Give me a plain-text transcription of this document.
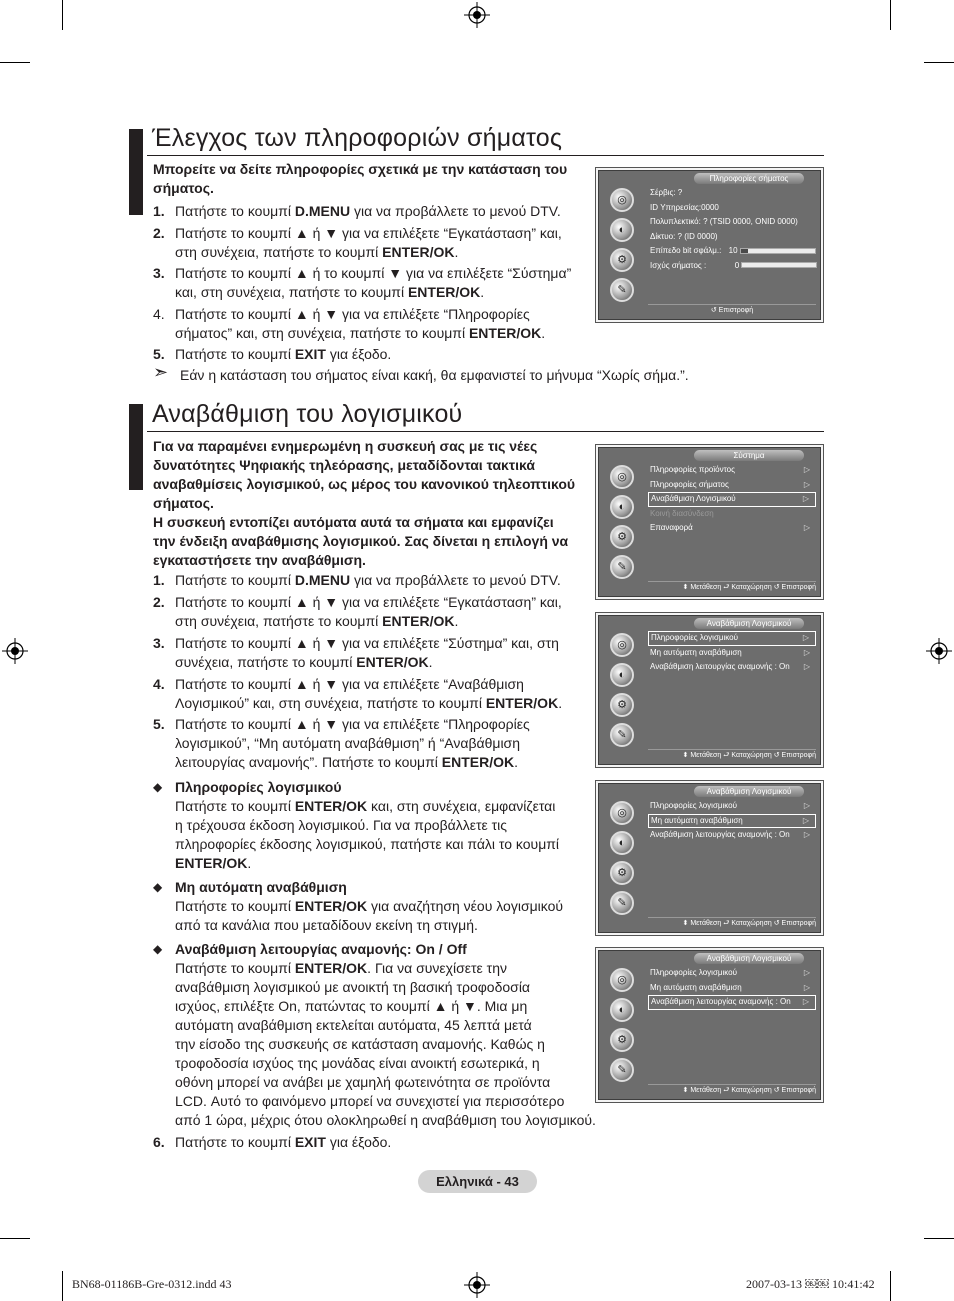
Έλεγχος των πληροφοριών σήματος
Μπορείτε να δείτε πληροφορίες σχετικά με την κατάσταση του
σήματος.
1. Πατήστε το κουμπί D.MENU για να προβάλλετε το μενού DTV.
2. Πατήστε το κουμπί ▲ ή ▼ για να επιλέξετε “Εγκατάσταση” και,
στη συνέχεια, πατήστε το κουμπί ENTER/OK.
3. Πατήστε το κουμπί ▲ ή το κουμπί ▼ για να επιλέξετε “Σύστημα”
και, στη συνέχεια, πατήστε το κουμπί ENTER/OK.
4. Πατήστε το κουμπί ▲ ή ▼ για να επιλέξετε “Πληροφορίες
σήματος” και, στη συνέχεια, πατήστε το κουμπί ENTER/OK.
5. Πατήστε το κουμπί EXIT για έξοδο.
➣ Εάν η κατάσταση του σήματος είναι κακή, θα εμφανιστεί το μήνυμα “Χωρίς σήμα.”.
Πληροφορίες σήματος
◎
◐
⚙
✎
Σέρβις: ?
ID Υπηρεσίας:0000
Πολυπλεκτικό: ? (TSID 0000, ONID 0000)
Δίκτυο: ? (ID 0000)
Επίπεδο bit σφάλμ.: 10
Ισχύς σήματος :	0
↺ Επιστροφή
Αναβάθμιση του λογισμικού
Για να παραμένει ενημερωμένη η συσκευή σας με τις νέες
δυνατότητες Ψηφιακής τηλεόρασης, μεταδίδονται τακτικά
αναβαθμίσεις λογισμικού, ως μέρος του κανονικού τηλεοπτικού
σήματος.
Η συσκευή εντοπίζει αυτόματα αυτά τα σήματα και εμφανίζει
την ένδειξη αναβάθμισης λογισμικού. Σας δίνεται η επιλογή να
εγκαταστήσετε την αναβάθμιση.
1. Πατήστε το κουμπί D.MENU για να προβάλλετε το μενού DTV.
2. Πατήστε το κουμπί ▲ ή ▼ για να επιλέξετε “Εγκατάσταση” και,
στη συνέχεια, πατήστε το κουμπί ENTER/OK.
3. Πατήστε το κουμπί ▲ ή ▼ για να επιλέξετε “Σύστημα” και, στη
συνέχεια, πατήστε το κουμπί ENTER/OK.
4. Πατήστε το κουμπί ▲ ή ▼ για να επιλέξετε “Αναβάθμιση
Λογισμικού” και, στη συνέχεια, πατήστε το κουμπί ENTER/OK.
5. Πατήστε το κουμπί ▲ ή ▼ για να επιλέξετε “Πληροφορίες
λογισμικού”, “Μη αυτόματη αναβάθμιση” ή “Αναβάθμιση
λειτουργίας αναμονής”. Πατήστε το κουμπί ENTER/OK.
◆ Πληροφορίες λογισμικού
Πατήστε το κουμπί ENTER/OK και, στη συνέχεια, εμφανίζεται
η τρέχουσα έκδοση λογισμικού. Για να προβάλλετε τις
πληροφορίες έκδοσης λογισμικού, πατήστε και πάλι το κουμπί
ENTER/OK.
◆ Μη αυτόματη αναβάθμιση
Πατήστε το κουμπί ENTER/OK για αναζήτηση νέου λογισμικού
από τα κανάλια που μεταδίδουν εκείνη τη στιγμή.
◆ Αναβάθμιση λειτουργίας αναμονής: On / Off
Πατήστε το κουμπί ENTER/OK. Για να συνεχίσετε την
αναβάθμιση λογισμικού με ανοικτή τη βασική τροφοδοσία
ισχύος, επιλέξτε On, πατώντας το κουμπί ▲ ή ▼. Μια μη
αυτόματη αναβάθμιση εκτελείται αυτόματα, 45 λεπτά μετά
την είσοδο της συσκευής σε κατάσταση αναμονής. Καθώς η
τροφοδοσία ισχύος της μονάδας είναι ανοικτή εσωτερικά, η
οθόνη μπορεί να ανάβει με χαμηλή φωτεινότητα σε προϊόντα
LCD. Αυτό το φαινόμενο μπορεί να συνεχιστεί για περισσότερο
από 1 ώρα, μέχρις ότου ολοκληρωθεί η αναβάθμιση του λογισμικού.
6. Πατήστε το κουμπί EXIT για έξοδο.
Σύστημα
◎
◐
⚙
✎
Πληροφορίες προϊόντος	▷
Πληροφορίες σήματος	▷
Αναβάθμιση Λογισμικού	▷
Κοινή διασύνδεση
Επαναφορά	▷
⬍ Μετάθεση ⮐ Καταχώρηση ↺ Επιστροφή
Αναβάθμιση Λογισμικού
◎
◐
⚙
✎
Πληροφορίες λογισμικού	▷
Μη αυτόματη αναβάθμιση	▷
Αναβάθμιση λειτουργίας αναμονής : On ▷
⬍ Μετάθεση ⮐ Καταχώρηση ↺ Επιστροφή
Αναβάθμιση Λογισμικού
◎
◐
⚙
✎
Πληροφορίες λογισμικού	▷
Μη αυτόματη αναβάθμιση	▷
Αναβάθμιση λειτουργίας αναμονής : On ▷
⬍ Μετάθεση ⮐ Καταχώρηση ↺ Επιστροφή
Αναβάθμιση Λογισμικού
◎
◐
⚙
✎
Πληροφορίες λογισμικού	▷
Μη αυτόματη αναβάθμιση	▷
Αναβάθμιση λειτουργίας αναμονής : On ▷
⬍ Μετάθεση ⮐ Καταχώρηση ↺ Επιστροφή
Ελληνικά - 43
BN68-01186B-Gre-0312.indd 43	2007-03-13 ￼￼ 10:41:42
